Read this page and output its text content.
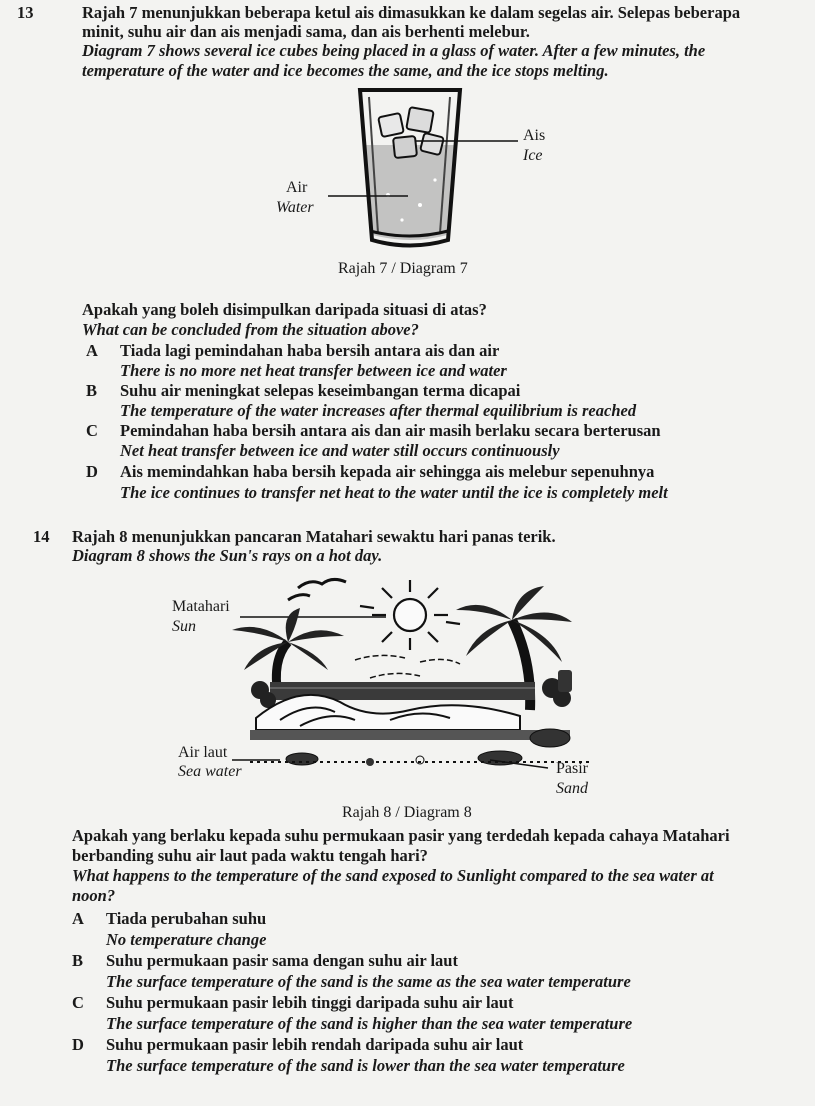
13	Rajah 7 menunjukkan beberapa ketul ais dimasukkan ke dalam segelas air. Selepas beberapa
minit, suhu air dan ais menjadi sama, dan ais berhenti melebur.
Diagram 7 shows several ice cubes being placed in a glass of water. After a few minutes, the
temperature of the water and ice becomes the same, and the ice stops melting.
Ais
Ice
Air
Water
Rajah 7 / Diagram 7
Apakah yang boleh disimpulkan daripada situasi di atas?
What can be concluded from the situation above?
A Tiada lagi pemindahan haba bersih antara ais dan air
There is no more net heat transfer between ice and water
B Suhu air meningkat selepas keseimbangan terma dicapai
The temperature of the water increases after thermal equilibrium is reached
C Pemindahan haba bersih antara ais dan air masih berlaku secara berterusan
Net heat transfer between ice and water still occurs continuously
D Ais memindahkan haba bersih kepada air sehingga ais melebur sepenuhnya
The ice continues to transfer net heat to the water until the ice is completely melt
14 Rajah 8 menunjukkan pancaran Matahari sewaktu hari panas terik.
Diagram 8 shows the Sun's rays on a hot day.
Matahari
Sun
Air laut
Sea water	Pasir
Sand
Rajah 8 / Diagram 8
Apakah yang berlaku kepada suhu permukaan pasir yang terdedah kepada cahaya Matahari
berbanding suhu air laut pada waktu tengah hari?
What happens to the temperature of the sand exposed to Sunlight compared to the sea water at
noon?
A Tiada perubahan suhu
No temperature change
B Suhu permukaan pasir sama dengan suhu air laut
The surface temperature of the sand is the same as the sea water temperature
C Suhu permukaan pasir lebih tinggi daripada suhu air laut
The surface temperature of the sand is higher than the sea water temperature
D Suhu permukaan pasir lebih rendah daripada suhu air laut
The surface temperature of the sand is lower than the sea water temperature
